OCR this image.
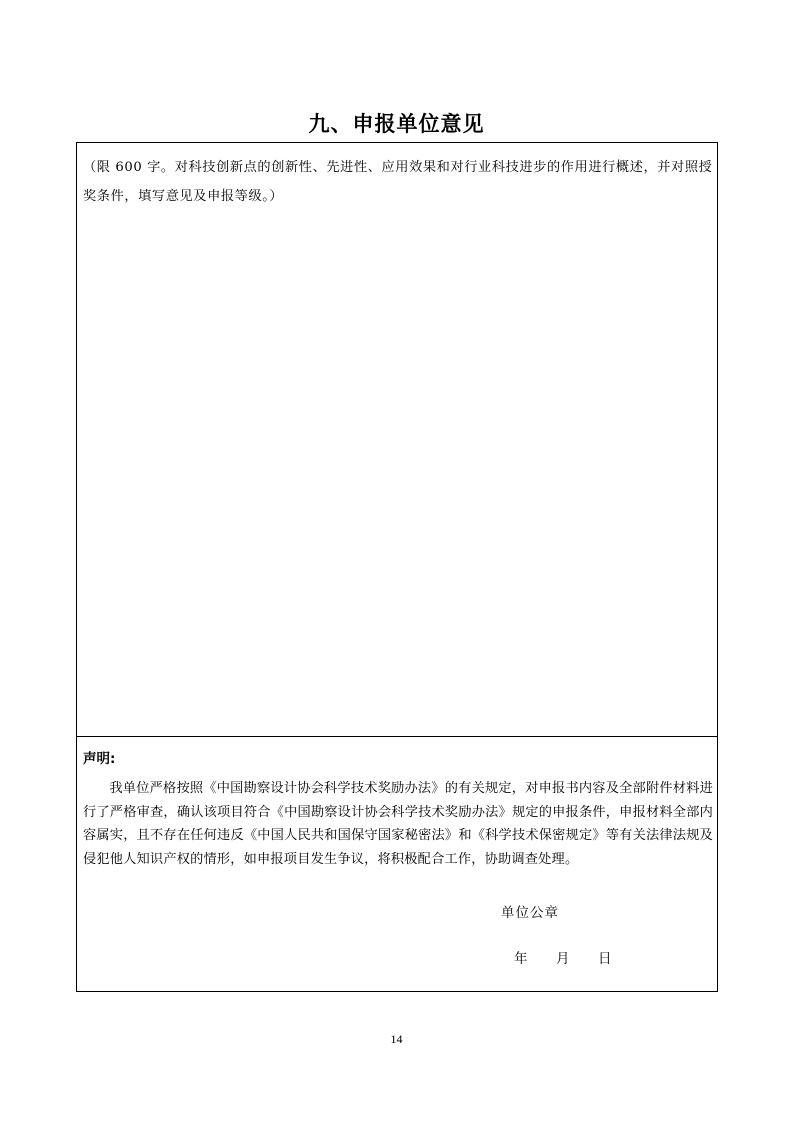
九、申报单位意见

（限 600 字。对科技创新点的创新性、先进性、应用效果和对行业科技进步的作用进行概述，并对照授奖条件，填写意见及申报等级。）

声明:

我单位严格按照《中国勘察设计协会科学技术奖励办法》的有关规定，对申报书内容及全部附件材料进行了严格审查，确认该项目符合《中国勘察设计协会科学技术奖励办法》规定的申报条件，申报材料全部内容属实，且不存在任何违反《中国人民共和国保守国家秘密法》和《科学技术保密规定》等有关法律法规及侵犯他人知识产权的情形，如申报项目发生争议，将积极配合工作，协助调查处理。

单位公章
年	月	日
14
